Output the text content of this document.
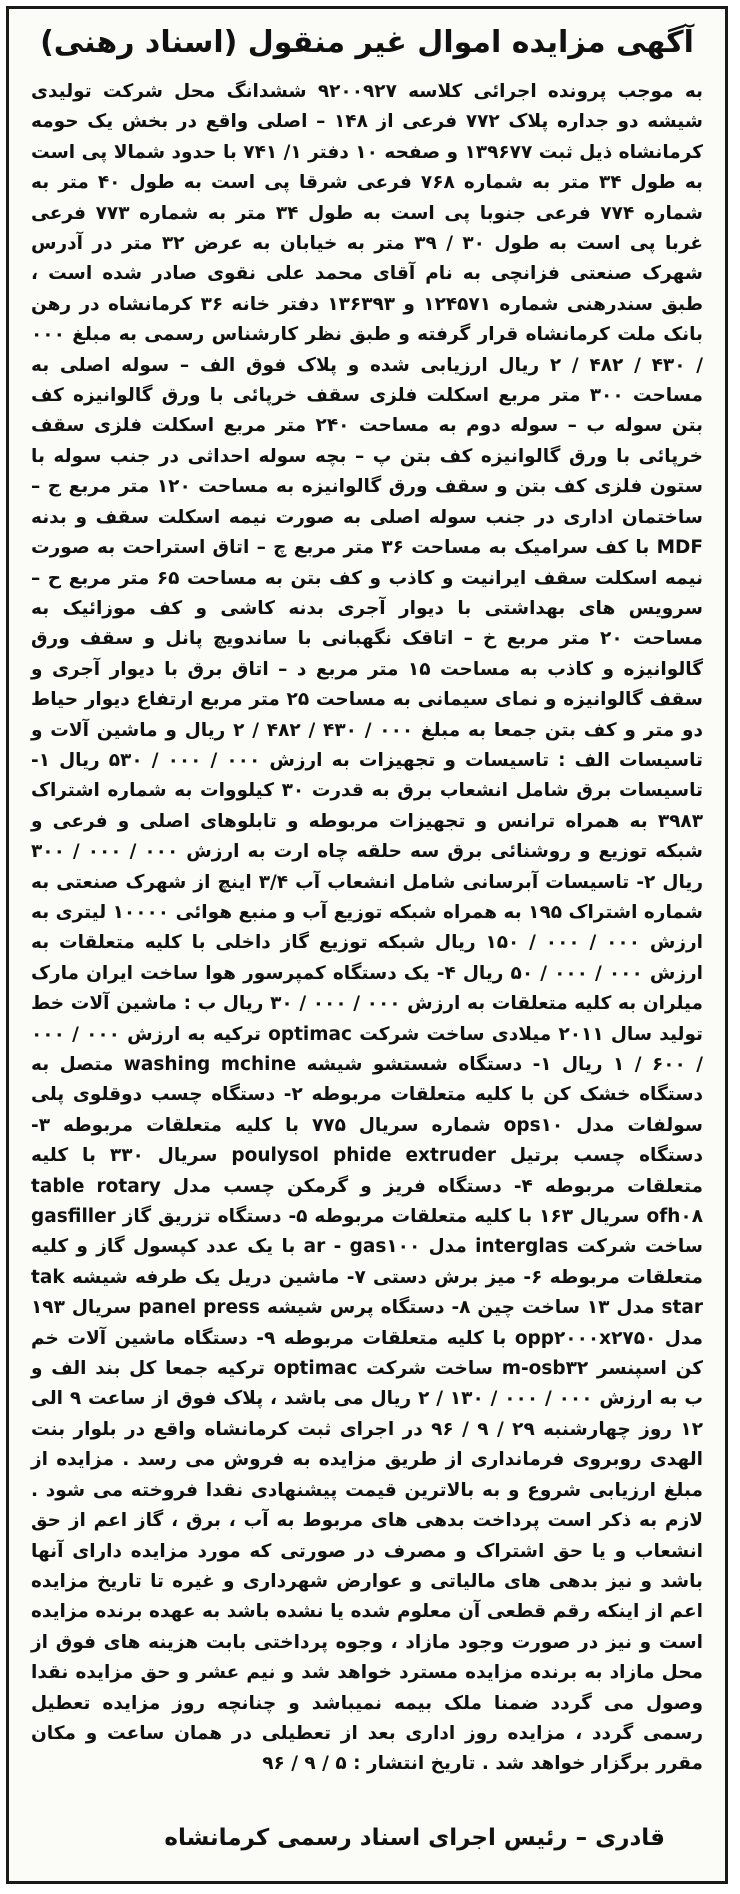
آگهی مزایده اموال غیر منقول (اسناد رهنی)
به موجب پرونده اجرائی کلاسه ۹۲۰۰۹۲۷ ششدانگ محل شرکت تولیدی شیشه دو جداره پلاک ۷۷۲ فرعی از ۱۴۸ – اصلی واقع در بخش یک حومه کرمانشاه ذیل ثبت ۱۳۹۶۷۷ و صفحه ۱۰ دفتر ۱/ ۷۴۱ با حدود شمالا پی است به طول ۳۴ متر به شماره ۷۶۸ فرعی شرقا پی است به طول ۴۰ متر به شماره ۷۷۴ فرعی جنوبا پی است به طول ۳۴ متر به شماره ۷۷۳ فرعی غربا پی است به طول ۳۰ / ۳۹ متر به خیابان به عرض ۳۲ متر در آدرس شهرک صنعتی فزانچی به نام آقای محمد علی نقوی صادر شده است ، طبق سندرهنی شماره ۱۲۴۵۷۱ و ۱۳۶۳۹۳ دفتر خانه ۳۶ کرمانشاه در رهن بانک ملت کرمانشاه قرار گرفته و طبق نظر کارشناس رسمی به مبلغ ۰۰۰ / ۴۳۰ / ۴۸۲ / ۲ ریال ارزیابی شده و پلاک فوق الف – سوله اصلی به مساحت ۳۰۰ متر مربع اسکلت فلزی سقف خرپائی با ورق گالوانیزه کف بتن سوله ب – سوله دوم به مساحت ۲۴۰ متر مربع اسکلت فلزی سقف خرپائی با ورق گالوانیزه کف بتن پ – بچه سوله احداثی در جنب سوله با ستون فلزی کف بتن و سقف ورق گالوانیزه به مساحت ۱۲۰ متر مربع ج – ساختمان اداری در جنب سوله اصلی به صورت نیمه اسکلت سقف و بدنه MDF با کف سرامیک به مساحت ۳۶ متر مربع چ – اتاق استراحت به صورت نیمه اسکلت سقف ایرانیت و کاذب و کف بتن به مساحت ۶۵ متر مربع ح – سرویس های بهداشتی با دیوار آجری بدنه کاشی و کف موزائیک به مساحت ۲۰ متر مربع خ – اتاقک نگهبانی با ساندویچ پانل و سقف ورق گالوانیزه و کاذب به مساحت ۱۵ متر مربع د – اتاق برق با دیوار آجری و سقف گالوانیزه و نمای سیمانی به مساحت ۲۵ متر مربع ارتفاع دیوار حیاط دو متر و کف بتن جمعا به مبلغ ۰۰۰ / ۴۳۰ / ۴۸۲ / ۲ ریال و ماشین آلات و تاسیسات الف : تاسیسات و تجهیزات به ارزش ۰۰۰ / ۰۰۰ / ۵۳۰ ریال ۱- تاسیسات برق شامل انشعاب برق به قدرت ۳۰ کیلووات به شماره اشتراک ۳۹۸۳ به همراه ترانس و تجهیزات مربوطه و تابلوهای اصلی و فرعی و شبکه توزیع و روشنائی برق سه حلقه چاه ارت به ارزش ۰۰۰ / ۰۰۰ / ۳۰۰ ریال ۲- تاسیسات آبرسانی شامل انشعاب آب ۳/۴ اینچ از شهرک صنعتی به شماره اشتراک ۱۹۵ به همراه شبکه توزیع آب و منبع هوائی ۱۰۰۰۰ لیتری به ارزش ۰۰۰ / ۰۰۰ / ۱۵۰ ریال شبکه توزیع گاز داخلی با کلیه متعلقات به ارزش ۰۰۰ / ۰۰۰ / ۵۰ ریال ۴- یک دستگاه کمپرسور هوا ساخت ایران مارک میلران به کلیه متعلقات به ارزش ۰۰۰ / ۰۰۰ / ۳۰ ریال ب : ماشین آلات خط تولید سال ۲۰۱۱ میلادی ساخت شرکت optimac ترکیه به ارزش ۰۰۰ / ۰۰۰ / ۶۰۰ / ۱ ریال ۱- دستگاه شستشو شیشه washing mchine متصل به دستگاه خشک کن با کلیه متعلقات مربوطه ۲- دستگاه چسب دوقلوی پلی سولفات مدل ops۱۰ شماره سریال ۷۷۵ با کلیه متعلقات مربوطه ۳- دستگاه چسب برتیل poulysol phide extruder سریال ۳۳۰ با کلیه متعلقات مربوطه ۴- دستگاه فریز و گرمکن چسب مدل table rotary ofh۰۸ سریال ۱۶۳ با کلیه متعلقات مربوطه ۵- دستگاه تزریق گاز gasfiller ساخت شرکت interglas مدل ar - gas۱۰۰ با یک عدد کپسول گاز و کلیه متعلقات مربوطه ۶- میز برش دستی ۷- ماشین دریل یک طرفه شیشه tak star مدل ۱۳ ساخت چین ۸- دستگاه پرس شیشه panel press سریال ۱۹۳ مدل opp۲۰۰۰x۲۷۵۰ با کلیه متعلقات مربوطه ۹- دستگاه ماشین آلات خم کن اسپنسر m-osb۳۲ ساخت شرکت optimac ترکیه جمعا کل بند الف و ب به ارزش ۰۰۰ / ۰۰۰ / ۱۳۰ / ۲ ریال می باشد ، پلاک فوق از ساعت ۹ الی ۱۲ روز چهارشنبه ۲۹ / ۹ / ۹۶ در اجرای ثبت کرمانشاه واقع در بلوار بنت الهدی روبروی فرمانداری از طریق مزایده به فروش می رسد . مزایده از مبلغ ارزیابی شروع و به بالاترین قیمت پیشنهادی نقدا فروخته می شود . لازم به ذکر است پرداخت بدهی های مربوط به آب ، برق ، گاز اعم از حق انشعاب و یا حق اشتراک و مصرف در صورتی که مورد مزایده دارای آنها باشد و نیز بدهی های مالیاتی و عوارض شهرداری و غیره تا تاریخ مزایده اعم از اینکه رقم قطعی آن معلوم شده یا نشده باشد به عهده برنده مزایده است و نیز در صورت وجود مازاد ، وجوه پرداختی بابت هزینه های فوق از محل مازاد به برنده مزایده مسترد خواهد شد و نیم عشر و حق مزایده نقدا وصول می گردد ضمنا ملک بیمه نمیباشد و چنانچه روز مزایده تعطیل رسمی گردد ، مزایده روز اداری بعد از تعطیلی در همان ساعت و مکان مقرر برگزار خواهد شد . تاریخ انتشار : ۵ / ۹ / ۹۶
قادری – رئیس اجرای اسناد رسمی کرمانشاه
